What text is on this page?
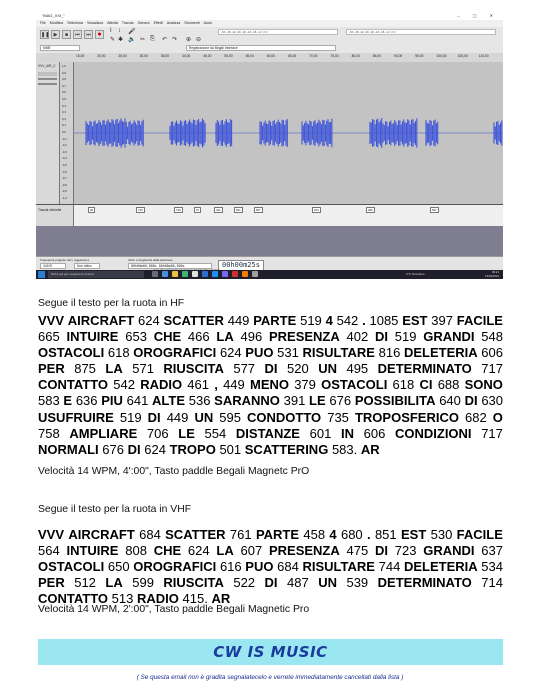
"MAG_XXI_"	– ▢ ✕
File Modifica Seleziona Visualizza Attività Traccia Genera Effetti Analizza Strumenti Aiuto
❚❚ ▶	■	⏮	⏭ ●	I ↕
✎ ✱
🎤
🔈 ✂ ⎘ ↶ ↷ ⊕ ⊖
-54 -48 -42 -36 -30 -24 -18 -12 -6 0	-54 -48 -42 -36 -30 -24 -18 -12 -6 0
MME	Registrazione da Begali Interface
15,00	20,00	25,00	30,00	35,00	40,00	45,00	50,00	55,00	60,00	65,00	70,00	75,00	80,00	85,00	90,00	95,00	100,00	105,00	110,00
VVV_AIR_C 1,0
0,9
0,8
0,7
0,6
0,5
0,4
0,3
0,2
0,1
0,0
-0,1
-0,2
-0,3
-0,4
-0,5
-0,6
-0,7
-0,8
-0,9
-1,0
Traccia etichette	30	749	749	67	421	601	557	264	286	597
Frequenza progetto (Hz)
44100
Aggancia a
Non attivo
Inizio e lunghezza della selezione
00h00m00,000s 00h00m00,000s	00h00m25s
Scrivi qui per eseguire la ricerca	2°C Nuvoloso	09:21
13/02/2021
Segue il testo per la ruota in HF
VVV AIRCRAFT 624 SCATTER 449 PARTE 519 4 542 . 1085 EST 397 FACILE 665 INTUIRE 653 CHE 466 LA 496 PRESENZA 402 DI 519 GRANDI 548 OSTACOLI 618 OROGRAFICI 624 PUO 531 RISULTARE 816 DELETERIA 606 PER 875 LA 571 RIUSCITA 577 DI 520 UN 495 DETERMINATO 717 CONTATTO 542 RADIO 461 , 449 MENO 379 OSTACOLI 618 CI 688 SONO 583 E 636 PIU 641 ALTE 536 SARANNO 391 LE 676 POSSIBILITA 640 DI 630 USUFRUIRE 519 DI 449 UN 595 CONDOTTO 735 TROPOSFERICO 682 O 758 AMPLIARE 706 LE 554 DISTANZE 601 IN 606 CONDIZIONI 717 NORMALI 676 DI 624 TROPO 501 SCATTERING 583. AR
Velocità 14 WPM, 4':00", Tasto paddle Begali Magnetc PrO
Segue il testo per la ruota in VHF
VVV AIRCRAFT 684 SCATTER 761 PARTE 458 4 680 . 851 EST 530 FACILE 564 INTUIRE 808 CHE 624 LA 607 PRESENZA 475 DI 723 GRANDI 637 OSTACOLI 650 OROGRAFICI 616 PUO 684 RISULTARE 744 DELETERIA 534 PER 512 LA 599 RIUSCITA 522 DI 487 UN 539 DETERMINATO 714 CONTATTO 513 RADIO 415. AR
Velocità 14 WPM, 2':00", Tasto paddle Begali Magnetic Pro
CW IS MUSIC
( Se questa email non è gradita segnalatecelo e verrete immediatamente cancellati dalla lista )
